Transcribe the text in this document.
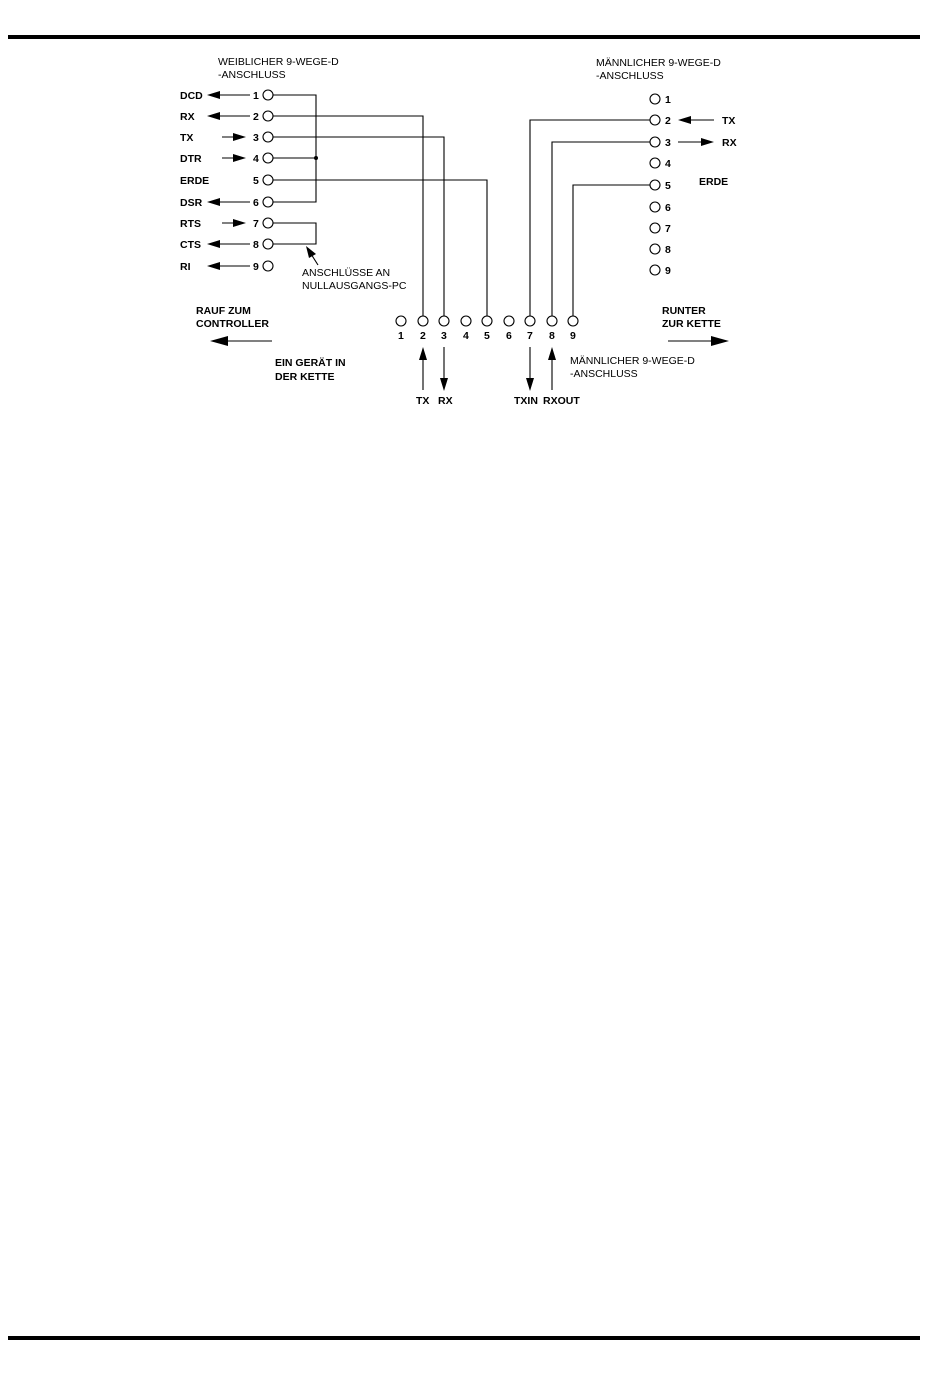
WEIBLICHER 9-WEGE-D
-ANSCHLUSS
DCD
RX
TX
DTR
ERDE
DSR
RTS
CTS
RI
1
2
3
4
5
6
7
8
9	ANSCHLÜSSE AN
NULLAUSGANGS-PC
MÄNNLICHER 9-WEGE-D
-ANSCHLUSS
1
2
3
4
5
6
7
8
9
TX
RX
ERDE
1 2 3 4 5 6 7 8 9
MÄNNLICHER 9-WEGE-D
-ANSCHLUSS
EIN GERÄT IN
DER KETTE
TX RX	TXIN RXOUT
RAUF ZUM
CONTROLLER
RUNTER
ZUR KETTE
